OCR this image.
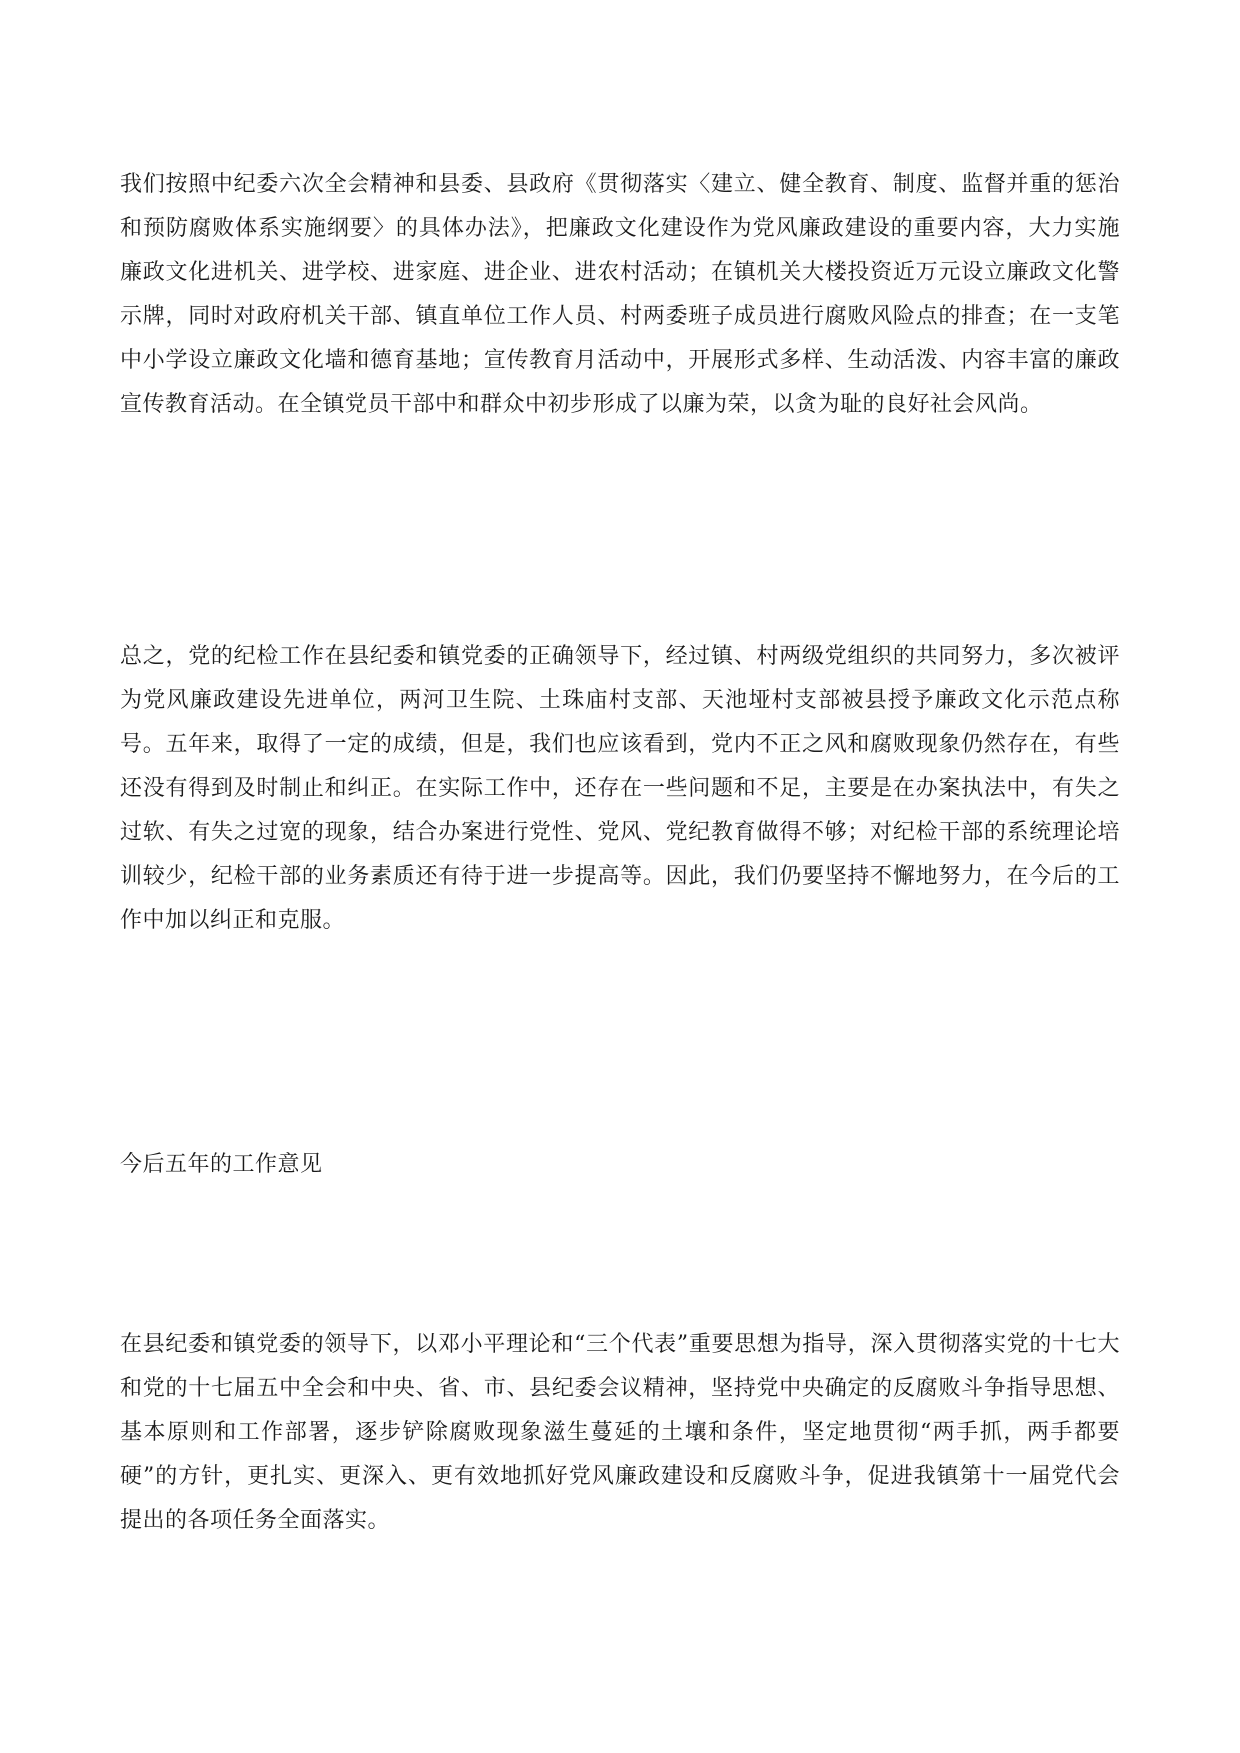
我们按照中纪委六次全会精神和县委、县政府《贯彻落实〈建立、健全教育、制度、监督并重的惩治和预防腐败体系实施纲要〉的具体办法》，把廉政文化建设作为党风廉政建设的重要内容，大力实施廉政文化进机关、进学校、进家庭、进企业、进农村活动；在镇机关大楼投资近万元设立廉政文化警示牌，同时对政府机关干部、镇直单位工作人员、村两委班子成员进行腐败风险点的排查；在一支笔中小学设立廉政文化墙和德育基地；宣传教育月活动中，开展形式多样、生动活泼、内容丰富的廉政宣传教育活动。在全镇党员干部中和群众中初步形成了以廉为荣，以贪为耻的良好社会风尚。

总之，党的纪检工作在县纪委和镇党委的正确领导下，经过镇、村两级党组织的共同努力，多次被评为党风廉政建设先进单位，两河卫生院、土珠庙村支部、天池垭村支部被县授予廉政文化示范点称号。五年来，取得了一定的成绩，但是，我们也应该看到，党内不正之风和腐败现象仍然存在，有些还没有得到及时制止和纠正。在实际工作中，还存在一些问题和不足，主要是在办案执法中，有失之过软、有失之过宽的现象，结合办案进行党性、党风、党纪教育做得不够；对纪检干部的系统理论培训较少，纪检干部的业务素质还有待于进一步提高等。因此，我们仍要坚持不懈地努力，在今后的工作中加以纠正和克服。

今后五年的工作意见

在县纪委和镇党委的领导下，以邓小平理论和“三个代表”重要思想为指导，深入贯彻落实党的十七大和党的十七届五中全会和中央、省、市、县纪委会议精神，坚持党中央确定的反腐败斗争指导思想、基本原则和工作部署，逐步铲除腐败现象滋生蔓延的土壤和条件，坚定地贯彻“两手抓，两手都要硬”的方针，更扎实、更深入、更有效地抓好党风廉政建设和反腐败斗争，促进我镇第十一届党代会提出的各项任务全面落实。
